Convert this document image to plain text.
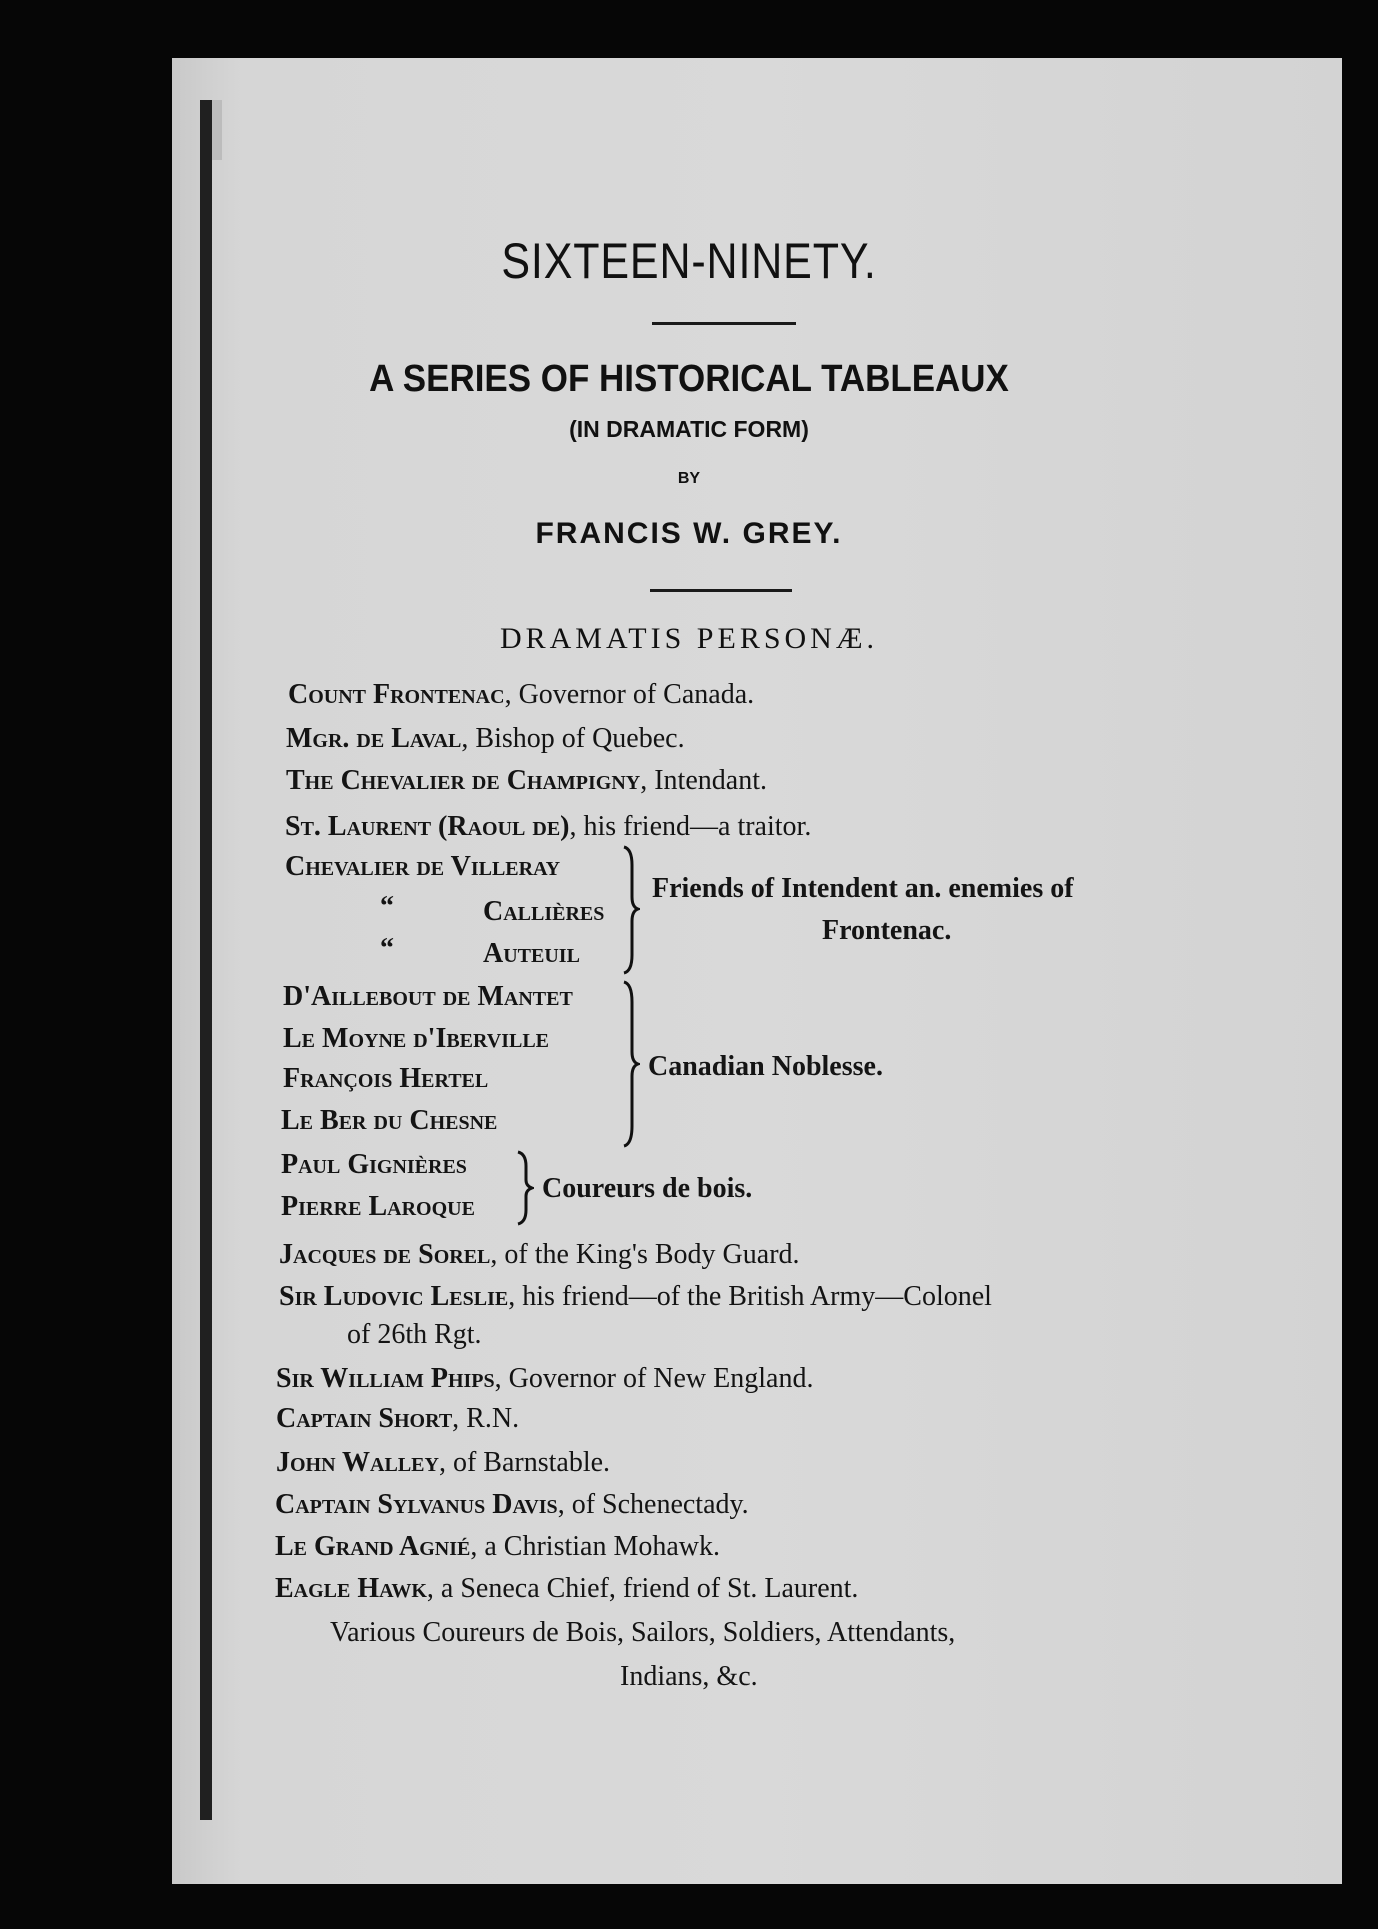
SIXTEEN-NINETY.
A SERIES OF HISTORICAL TABLEAUX
(IN DRAMATIC FORM)
BY
FRANCIS W. GREY.
DRAMATIS PERSONÆ.
Count Frontenac, Governor of Canada.
Mgr. de Laval, Bishop of Quebec.
The Chevalier de Champigny, Intendant.
St. Laurent (Raoul de), his friend—a traitor.
Chevalier de Villeray
“	Callières
“	Auteuil
Friends of Intendent an. enemies of
Frontenac.
D'Aillebout de Mantet
Le Moyne d'Iberville
François Hertel
Le Ber du Chesne
Canadian Noblesse.
Paul Gignières
Pierre Laroque
Coureurs de bois.
Jacques de Sorel, of the King's Body Guard.
Sir Ludovic Leslie, his friend—of the British Army—Colonel
of 26th Rgt.
Sir William Phips, Governor of New England.
Captain Short, R.N.
John Walley, of Barnstable.
Captain Sylvanus Davis, of Schenectady.
Le Grand Agnié, a Christian Mohawk.
Eagle Hawk, a Seneca Chief, friend of St. Laurent.
Various Coureurs de Bois, Sailors, Soldiers, Attendants,
Indians, &c.
